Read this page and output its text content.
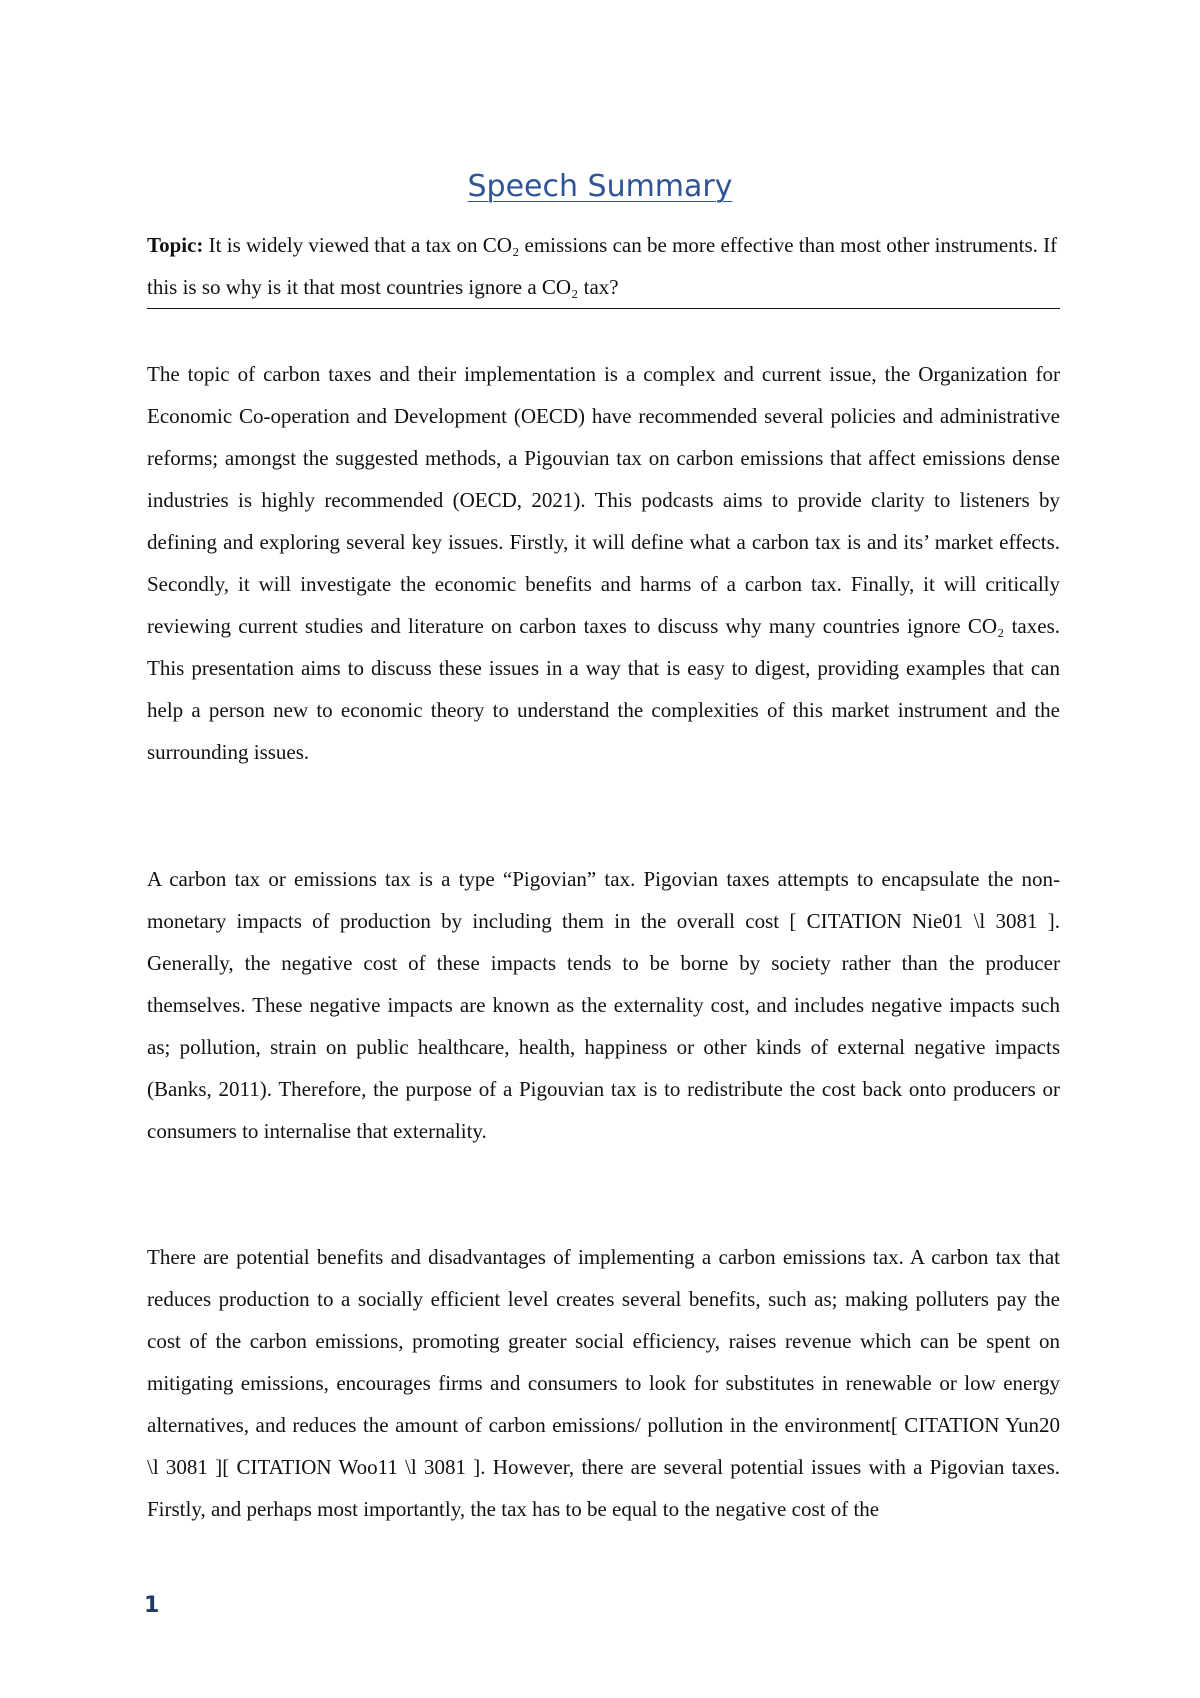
Speech Summary
Topic: It is widely viewed that a tax on CO₂ emissions can be more effective than most other instruments. If this is so why is it that most countries ignore a CO₂ tax?

The topic of carbon taxes and their implementation is a complex and current issue, the Organization for Economic Co-operation and Development (OECD) have recommended several policies and administrative reforms; amongst the suggested methods, a Pigouvian tax on carbon emissions that affect emissions dense industries is highly recommended (OECD, 2021). This podcasts aims to provide clarity to listeners by defining and exploring several key issues. Firstly, it will define what a carbon tax is and its’ market effects. Secondly, it will investigate the economic benefits and harms of a carbon tax. Finally, it will critically reviewing current studies and literature on carbon taxes to discuss why many countries ignore CO₂ taxes. This presentation aims to discuss these issues in a way that is easy to digest, providing examples that can help a person new to economic theory to understand the complexities of this market instrument and the surrounding issues.

A carbon tax or emissions tax is a type “Pigovian” tax. Pigovian taxes attempts to encapsulate the non-monetary impacts of production by including them in the overall cost [ CITATION Nie01 \l 3081 ]. Generally, the negative cost of these impacts tends to be borne by society rather than the producer themselves. These negative impacts are known as the externality cost, and includes negative impacts such as; pollution, strain on public healthcare, health, happiness or other kinds of external negative impacts (Banks, 2011). Therefore, the purpose of a Pigouvian tax is to redistribute the cost back onto producers or consumers to internalise that externality.

There are potential benefits and disadvantages of implementing a carbon emissions tax. A carbon tax that reduces production to a socially efficient level creates several benefits, such as; making polluters pay the cost of the carbon emissions, promoting greater social efficiency, raises revenue which can be spent on mitigating emissions, encourages firms and consumers to look for substitutes in renewable or low energy alternatives, and reduces the amount of carbon emissions/ pollution in the environment[ CITATION Yun20 \l 3081 ][ CITATION Woo11 \l 3081 ]. However, there are several potential issues with a Pigovian taxes. Firstly, and perhaps most importantly, the tax has to be equal to the negative cost of the

1
